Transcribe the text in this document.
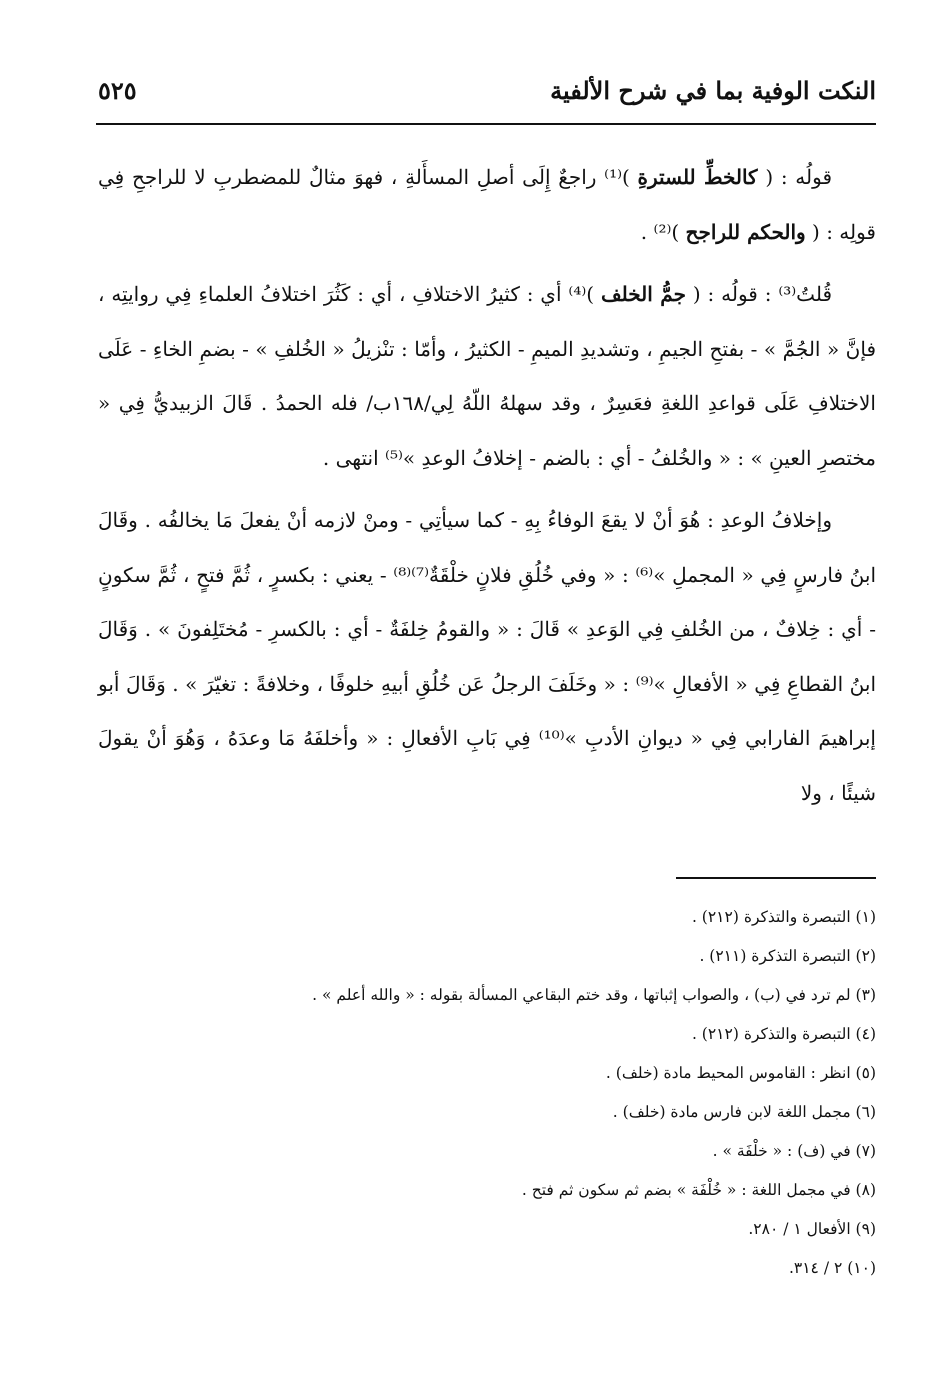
النكت الوفية بما في شرح الألفية
٥٢٥

قولُه : ( كالخطِّ للسترةِ )⁽¹⁾ راجعٌ إِلَى أصلِ المسأَلةِ ، فهوَ مثالٌ للمضطربِ لا للراجحِ فِي قولِه : ( والحكم للراجح )⁽²⁾ .

قُلتُ⁽³⁾ : قولُه : ( جمُّ الخلف )⁽⁴⁾ أي : كثيرُ الاختلافِ ، أي : كَثُرَ اختلافُ العلماءِ فِي روايتِه ، فإنَّ « الجُمَّ » - بفتحِ الجيمِ ، وتشديدِ الميمِ - الكثيرُ ، وأمّا : تنْزيلُ « الخُلفِ » - بضمِ الخاءِ - عَلَى الاختلافِ عَلَى قواعدِ اللغةِ فعَسِرٌ ، وقد سهلهُ اللّهُ لِي/١٦٨ب/ فله الحمدُ . قَالَ الزبيديُّ فِي « مختصرِ العينِ » : « والخُلفُ - أي : بالضم - إخلافُ الوعدِ »⁽⁵⁾ انتهى .

وإخلافُ الوعدِ : هُوَ أنْ لا يقعَ الوفاءُ بِهِ - كما سيأتِي - ومنْ لازمه أنْ يفعلَ مَا يخالفُه . وقَالَ ابنُ فارسٍ فِي « المجملِ »⁽⁶⁾ : « وفي خُلُقِ فلانٍ خلْقَةٌ⁽⁷⁾⁽⁸⁾ - يعني : بكسرٍ ، ثُمَّ فتحٍ ، ثُمَّ سكونٍ - أي : خِلافٌ ، من الخُلفِ فِي الوَعدِ » قَالَ : « والقومُ خِلفَةٌ - أي : بالكسرِ - مُختَلِفونَ » . وَقَالَ ابنُ القطاعِ فِي « الأفعالِ »⁽⁹⁾ : « وخَلَفَ الرجلُ عَن خُلُقِ أبيهِ خلوفًا ، وخلافةً : تغيّرَ » . وَقَالَ أبو إبراهيمَ الفارابي فِي « ديوانِ الأدبِ »⁽¹⁰⁾ فِي بَابِ الأفعالِ : « وأخلفَهُ مَا وعدَهُ ، وَهُوَ أنْ يقولَ شيئًا ، ولا

(١) التبصرة والتذكرة (٢١٢) .
(٢) التبصرة التذكرة (٢١١) .
(٣) لم ترد في (ب) ، والصواب إثباتها ، وقد ختم البقاعي المسألة بقوله : « والله أعلم » .
(٤) التبصرة والتذكرة (٢١٢) .
(٥) انظر : القاموس المحيط مادة (خلف) .
(٦) مجمل اللغة لابن فارس مادة (خلف) .
(٧) في (ف) : « خلْفَة » .
(٨) في مجمل اللغة : « خُلْفَة » بضم ثم سكون ثم فتح .
(٩) الأفعال ١ / ٢٨٠.
(١٠) ٢ / ٣١٤.
